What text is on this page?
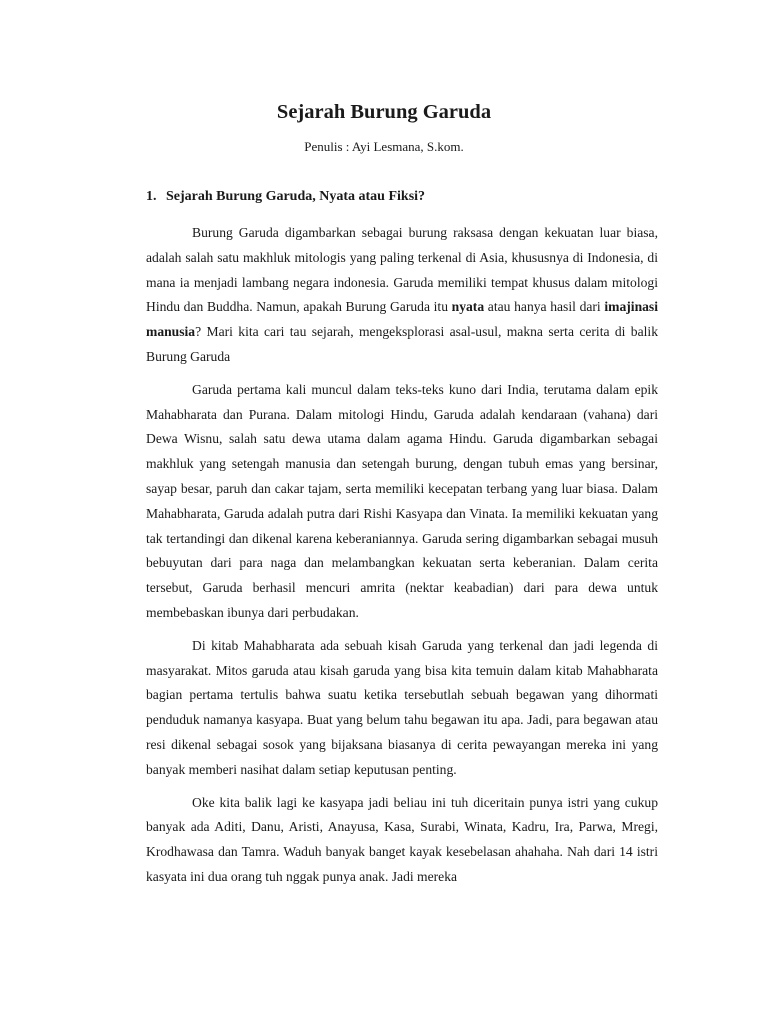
Sejarah Burung Garuda
Penulis : Ayi Lesmana, S.kom.
1. Sejarah Burung Garuda, Nyata atau Fiksi?

Burung Garuda digambarkan sebagai burung raksasa dengan kekuatan luar biasa, adalah salah satu makhluk mitologis yang paling terkenal di Asia, khususnya di Indonesia, di mana ia menjadi lambang negara indonesia. Garuda memiliki tempat khusus dalam mitologi Hindu dan Buddha. Namun, apakah Burung Garuda itu nyata atau hanya hasil dari imajinasi manusia? Mari kita cari tau sejarah, mengeksplorasi asal-usul, makna serta cerita di balik Burung Garuda

Garuda pertama kali muncul dalam teks-teks kuno dari India, terutama dalam epik Mahabharata dan Purana. Dalam mitologi Hindu, Garuda adalah kendaraan (vahana) dari Dewa Wisnu, salah satu dewa utama dalam agama Hindu. Garuda digambarkan sebagai makhluk yang setengah manusia dan setengah burung, dengan tubuh emas yang bersinar, sayap besar, paruh dan cakar tajam, serta memiliki kecepatan terbang yang luar biasa. Dalam Mahabharata, Garuda adalah putra dari Rishi Kasyapa dan Vinata. Ia memiliki kekuatan yang tak tertandingi dan dikenal karena keberaniannya. Garuda sering digambarkan sebagai musuh bebuyutan dari para naga dan melambangkan kekuatan serta keberanian. Dalam cerita tersebut, Garuda berhasil mencuri amrita (nektar keabadian) dari para dewa untuk membebaskan ibunya dari perbudakan.

Di kitab Mahabharata ada sebuah kisah Garuda yang terkenal dan jadi legenda di masyarakat. Mitos garuda atau kisah garuda yang bisa kita temuin dalam kitab Mahabharata bagian pertama tertulis bahwa suatu ketika tersebutlah sebuah begawan yang dihormati penduduk namanya kasyapa. Buat yang belum tahu begawan itu apa. Jadi, para begawan atau resi dikenal sebagai sosok yang bijaksana biasanya di cerita pewayangan mereka ini yang banyak memberi nasihat dalam setiap keputusan penting.

Oke kita balik lagi ke kasyapa jadi beliau ini tuh diceritain punya istri yang cukup banyak ada Aditi, Danu, Aristi, Anayusa, Kasa, Surabi, Winata, Kadru, Ira, Parwa, Mregi, Krodhawasa dan Tamra. Waduh banyak banget kayak kesebelasan ahahaha. Nah dari 14 istri kasyata ini dua orang tuh nggak punya anak. Jadi mereka
